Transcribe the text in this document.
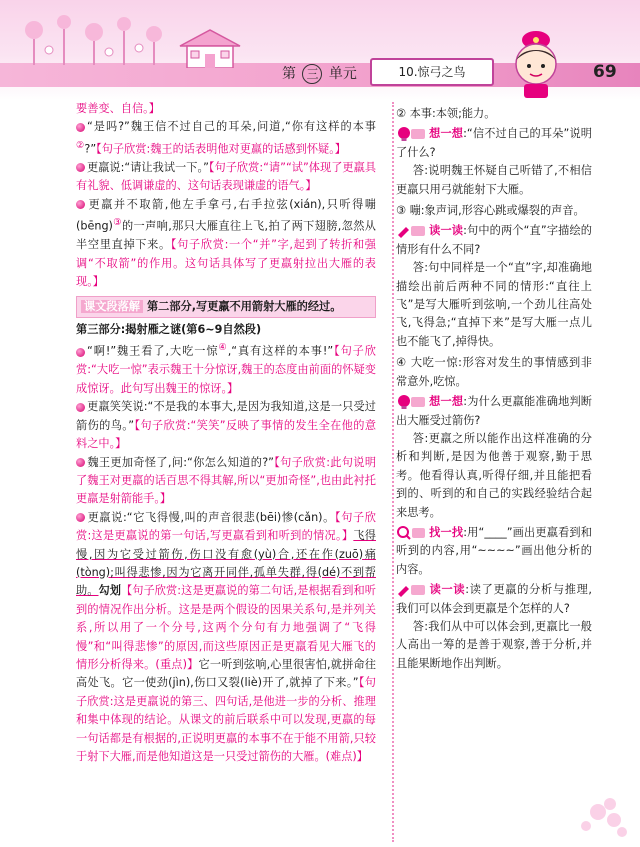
第 三 单元	10.惊弓之鸟	69

要善变、自信。】

“是吗?”魏王信不过自己的耳朵,问道,“你有这样的本事②?”【句子欣赏:魏王的话表明他对更羸的话感到怀疑。】

更羸说:“请让我试一下。”【句子欣赏:“请”“试”体现了更羸具有礼貌、低调谦虚的、这句话表现谦虚的语气。】

更羸并不取箭,他左手拿弓,右手拉弦(xián),只听得嘣(bēng)③的一声响,那只大雁直往上飞,拍了两下翅膀,忽然从半空里直掉下来。【句子欣赏:一个“并”字,起到了转折和强调“不取箭”的作用。这句话具体写了更羸射拉出大雁的表现。】

课文段落解 第二部分,写更羸不用箭射大雁的经过。

第三部分:揭射雁之谜(第6~9自然段)

“啊!”魏王看了,大吃一惊④,“真有这样的本事!”【句子欣赏:“大吃一惊”表示魏王十分惊讶,魏王的态度由前面的怀疑变成惊讶。此句写出魏王的惊讶。】

更羸笑笑说:“不是我的本事大,是因为我知道,这是一只受过箭伤的鸟。”【句子欣赏:“笑笑”反映了事情的发生全在他的意料之中。】

魏王更加奇怪了,问:“你怎么知道的?”【句子欣赏:此句说明了魏王对更羸的话百思不得其解,所以“更加奇怪”,也由此衬托更羸是射箭能手。】

更羸说:“它飞得慢,叫的声音很悲(bēi)惨(cǎn)。【句子欣赏:这是更羸说的第一句话,写更羸看到和听到的情况。】飞得慢,因为它受过箭伤,伤口没有愈(yù)合,还在作(zuō)痛(tòng);叫得悲惨,因为它离开同伴,孤单失群,得(dé)不到帮助。勾划【句子欣赏:这是更羸说的第二句话,是根据看到和听到的情况作出分析。这是是两个假设的因果关系句,是并列关系,所以用了一个分号,这两个分句有力地强调了“飞得慢”和“叫得悲惨”的原因,而这些原因正是更羸看见大雁飞的情形分析得来。(重点)】它一听到弦响,心里很害怕,就拼命往高处飞。它一使劲(jìn),伤口又裂(liè)开了,就掉了下来。”【句子欣赏:这是更羸说的第三、四句话,是他进一步的分析、推理和集中体现的结论。从课文的前后联系中可以发现,更羸的每一句话都是有根据的,正说明更羸的本事不在于能不用箭,只较于射下大雁,而是他知道这是一只受过箭伤的大雁。(难点)】

② 本事:本领;能力。

想一想:“信不过自己的耳朵”说明了什么?

答:说明魏王怀疑自己听错了,不相信更羸只用弓就能射下大雁。

③ 嘣:象声词,形容心跳或爆裂的声音。

读一读:句中的两个“直”字描绘的情形有什么不同?

答:句中同样是一个“直”字,却准确地描绘出前后两种不同的情形:“直往上飞”是写大雁听到弦响,一个劲儿往高处飞,飞得急;“直掉下来”是写大雁一点儿也不能飞了,掉得快。

④ 大吃一惊:形容对发生的事情感到非常意外,吃惊。

想一想:为什么更羸能准确地判断出大雁受过箭伤?

答:更羸之所以能作出这样准确的分析和判断,是因为他善于观察,勤于思考。他看得认真,听得仔细,并且能把看到的、听到的和自己的实践经验结合起来思考。

找一找:用“____”画出更羸看到和听到的内容,用“~~~~”画出他分析的内容。

读一读:读了更羸的分析与推理,我们可以体会到更羸是个怎样的人?

答:我们从中可以体会到,更羸比一般人高出一筹的是善于观察,善于分析,并且能果断地作出判断。
